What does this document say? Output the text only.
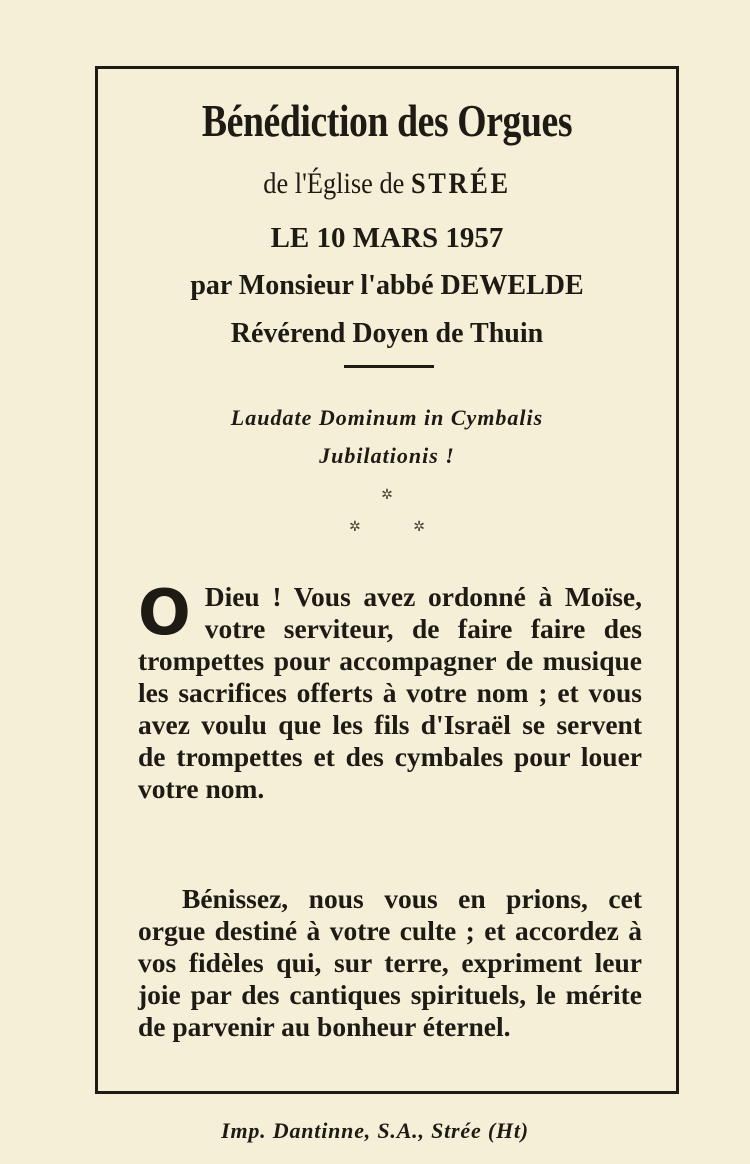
Bénédiction des Orgues
de l'Église de STRÉE
LE 10 MARS 1957
par Monsieur l'abbé DEWELDE
Révérend Doyen de Thuin
Laudate Dominum in Cymbalis
Jubilationis !
✲
✲ ✲
O Dieu ! Vous avez ordonné à Moïse, votre serviteur, de faire faire des trompettes pour accompagner de musique les sacrifices offerts à votre nom ; et vous avez voulu que les fils d'Israël se servent de trompettes et des cymbales pour louer votre nom.
Bénissez, nous vous en prions, cet orgue destiné à votre culte ; et accordez à vos fidèles qui, sur terre, expriment leur joie par des cantiques spirituels, le mérite de parvenir au bonheur éternel.
Imp. Dantinne, S.A., Strée (Ht)
